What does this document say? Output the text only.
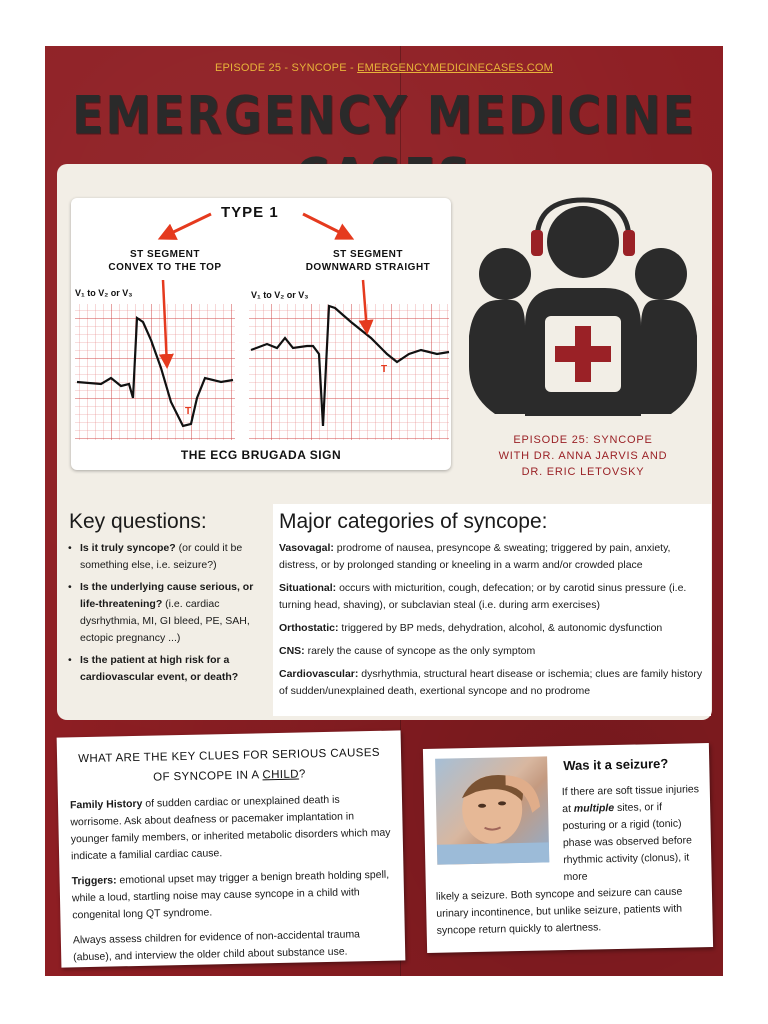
EPISODE 25 - SYNCOPE - EMERGENCYMEDICINECASES.COM
EMERGENCY MEDICINE
TYPE 1
ST SEGMENT
CONVEX TO THE TOP
ST SEGMENT
DOWNWARD STRAIGHT
V₁ to V₂ or V₃	V₁ to V₂ or V₃
T
T
THE ECG BRUGADA SIGN
EPISODE 25: SYNCOPE
WITH DR. ANNA JARVIS AND
DR. ERIC LETOVSKY
Key questions:
• Is it truly syncope? (or could it be something else, i.e. seizure?)
• Is the underlying cause serious, or life-threatening? (i.e. cardiac dysrhythmia, MI, GI bleed, PE, SAH, ectopic pregnancy ...)
• Is the patient at high risk for a cardiovascular event, or death?
Major categories of syncope:

Vasovagal: prodrome of nausea, presyncope & sweating; triggered by pain, anxiety, distress, or by prolonged standing or kneeling in a warm and/or crowded place

Situational: occurs with micturition, cough, defecation; or by carotid sinus pressure (i.e. turning head, shaving), or subclavian steal (i.e. during arm exercises)

Orthostatic: triggered by BP meds, dehydration, alcohol, & autonomic dysfunction

CNS: rarely the cause of syncope as the only symptom

Cardiovascular: dysrhythmia, structural heart disease or ischemia; clues are family history of sudden/unexplained death, exertional syncope and no prodrome

WHAT ARE THE KEY CLUES FOR SERIOUS CAUSES
OF SYNCOPE IN A CHILD?

Family History of sudden cardiac or unexplained death is worrisome. Ask about deafness or pacemaker implantation in younger family members, or inherited metabolic disorders which may indicate a familial cardiac cause.

Triggers: emotional upset may trigger a benign breath holding spell, while a loud, startling noise may cause syncope in a child with congenital long QT syndrome.

Always assess children for evidence of non-accidental trauma (abuse), and interview the older child about substance use.

Was it a seizure?
If there are soft tissue injuries at multiple sites, or if posturing or a rigid (tonic) phase was observed before rhythmic activity (clonus), it more
likely a seizure. Both syncope and seizure can cause urinary incontinence, but unlike seizure, patients with syncope return quickly to alertness.
